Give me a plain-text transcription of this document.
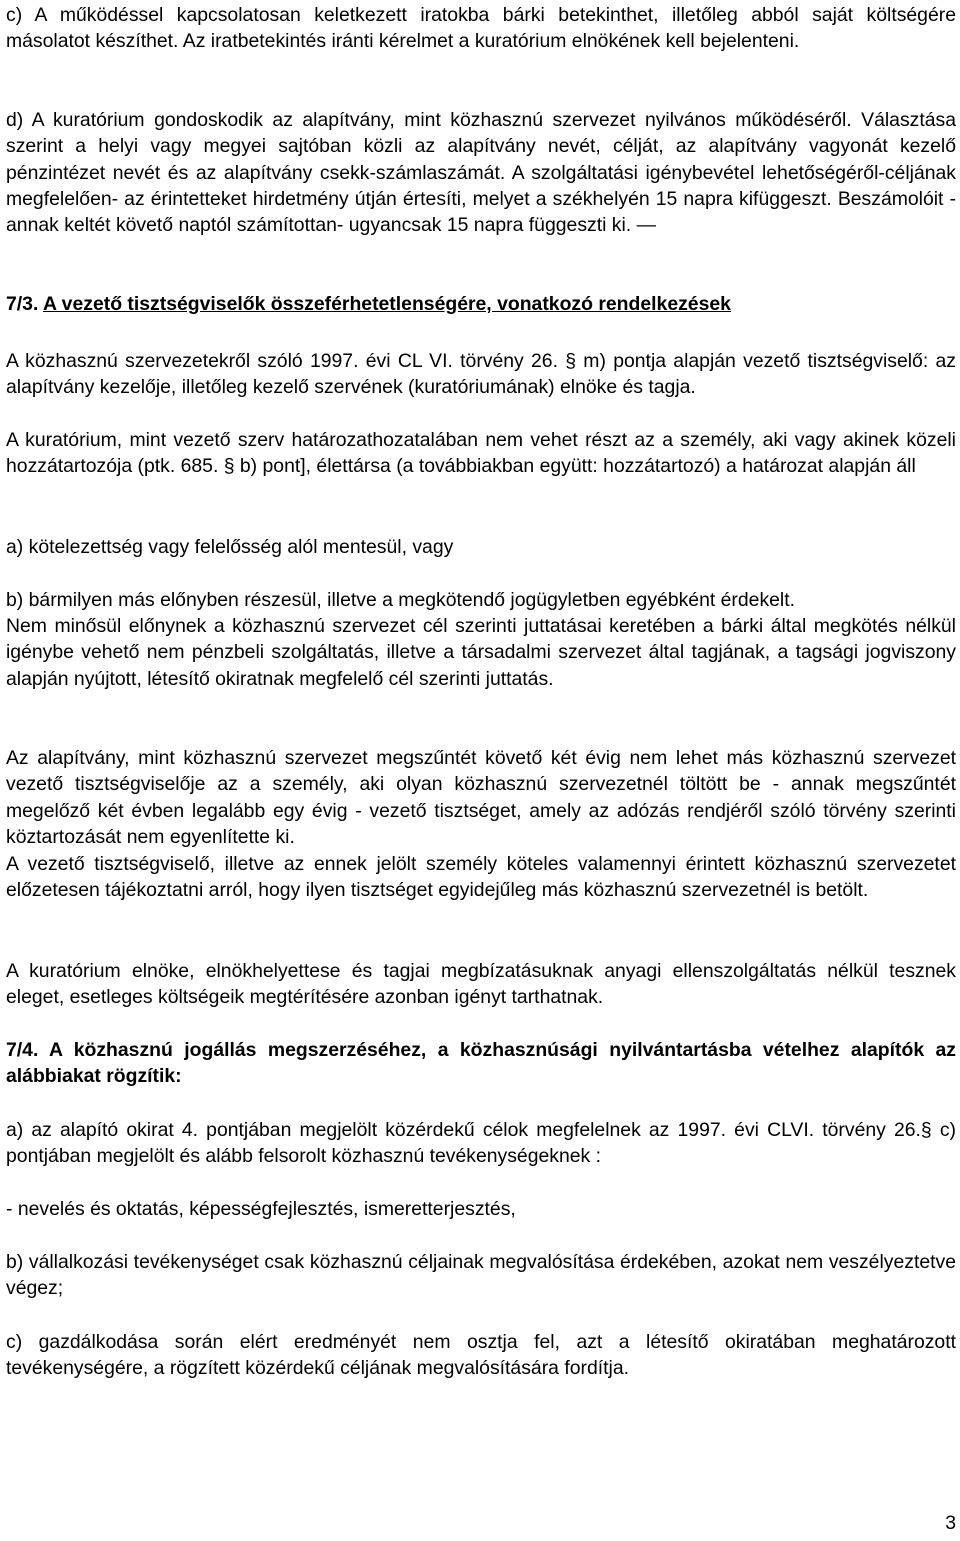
c) A működéssel kapcsolatosan keletkezett iratokba bárki betekinthet, illetőleg abból saját költségére másolatot készíthet. Az iratbetekintés iránti kérelmet a kuratórium elnökének kell bejelenteni.

d) A kuratórium gondoskodik az alapítvány, mint közhasznú szervezet nyilvános működéséről. Választása szerint a helyi vagy megyei sajtóban közli az alapítvány nevét, célját, az alapítvány vagyonát kezelő pénzintézet nevét és az alapítvány csekk-számlaszámát. A szolgáltatási igénybevétel lehetőségéről-céljának megfelelően- az érintetteket hirdetmény útján értesíti, melyet a székhelyén 15 napra kifüggeszt. Beszámolóit - annak keltét követő naptól számítottan- ugyancsak 15 napra függeszti ki. —

7/3. A vezető tisztségviselők összeférhetetlenségére, vonatkozó rendelkezések

A közhasznú szervezetekről szóló 1997. évi CL VI. törvény 26. § m) pontja alapján vezető tisztségviselő: az alapítvány kezelője, illetőleg kezelő szervének (kuratóriumának) elnöke és tagja.

A kuratórium, mint vezető szerv határozathozatalában nem vehet részt az a személy, aki vagy akinek közeli hozzátartozója (ptk. 685. § b) pont], élettársa (a továbbiakban együtt: hozzátartozó) a határozat alapján áll

a) kötelezettség vagy felelősség alól mentesül, vagy

b) bármilyen más előnyben részesül, illetve a megkötendő jogügyletben egyébként érdekelt.

Nem minősül előnynek a közhasznú szervezet cél szerinti juttatásai keretében a bárki által megkötés nélkül igénybe vehető nem pénzbeli szolgáltatás, illetve a társadalmi szervezet által tagjának, a tagsági jogviszony alapján nyújtott, létesítő okiratnak megfelelő cél szerinti juttatás.

Az alapítvány, mint közhasznú szervezet megszűntét követő két évig nem lehet más közhasznú szervezet vezető tisztségviselője az a személy, aki olyan közhasznú szervezetnél töltött be - annak megszűntét megelőző két évben legalább egy évig - vezető tisztséget, amely az adózás rendjéről szóló törvény szerinti köztartozását nem egyenlítette ki.

A vezető tisztségviselő, illetve az ennek jelölt személy köteles valamennyi érintett közhasznú szervezetet előzetesen tájékoztatni arról, hogy ilyen tisztséget egyidejűleg más közhasznú szervezetnél is betölt.

A kuratórium elnöke, elnökhelyettese és tagjai megbízatásuknak anyagi ellenszolgáltatás nélkül tesznek eleget, esetleges költségeik megtérítésére azonban igényt tarthatnak.

7/4. A közhasznú jogállás megszerzéséhez, a közhasznúsági nyilvántartásba vételhez alapítók az alábbiakat rögzítik:

a) az alapító okirat 4. pontjában megjelölt közérdekű célok megfelelnek az 1997. évi CLVI. törvény 26.§ c) pontjában megjelölt és alább felsorolt közhasznú tevékenységeknek :

- nevelés és oktatás, képességfejlesztés, ismeretterjesztés,

b) vállalkozási tevékenységet csak közhasznú céljainak megvalósítása érdekében, azokat nem veszélyeztetve végez;

c) gazdálkodása során elért eredményét nem osztja fel, azt a létesítő okiratában meghatározott tevékenységére, a rögzített közérdekű céljának megvalósítására fordítja.

3
